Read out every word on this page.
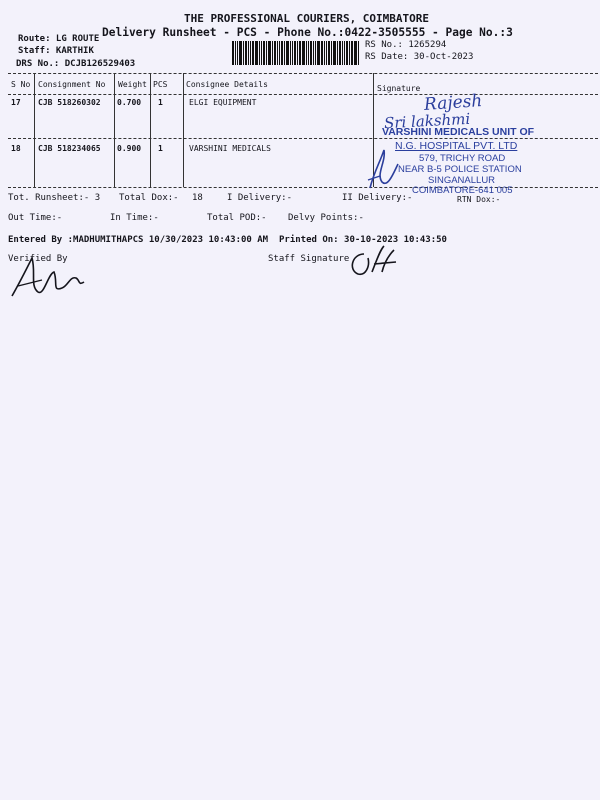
THE PROFESSIONAL COURIERS, COIMBATORE
Delivery Runsheet - PCS - Phone No.:0422-3505555 - Page No.:3
Route: LG ROUTE
Staff: KARTHIK
DRS No.: DCJB126529403
RS No.: 1265294
RS Date: 30-Oct-2023
S No Consignment No Weight PCS Consignee Details	Signature
17 CJB 518260302 0.700 1	ELGI EQUIPMENT
18 CJB 518234065 0.900 1	VARSHINI MEDICALS
Rajesh
Sri lakshmi
VARSHINI MEDICALS UNIT OF
N.G. HOSPITAL PVT. LTD
579, TRICHY ROAD
NEAR B-5 POLICE STATION
SINGANALLUR
COIMBATORE-641 005
Tot. Runsheet:- 3 Total Dox:- 18	I Delivery:-	II Delivery:-	RTN Dox:-
Out Time:-	In Time:-	Total POD:- Delvy Points:-
Entered By :MADHUMITHAPCS 10/30/2023 10:43:00 AM Printed On: 30-10-2023 10:43:50
Verified By	Staff Signature
